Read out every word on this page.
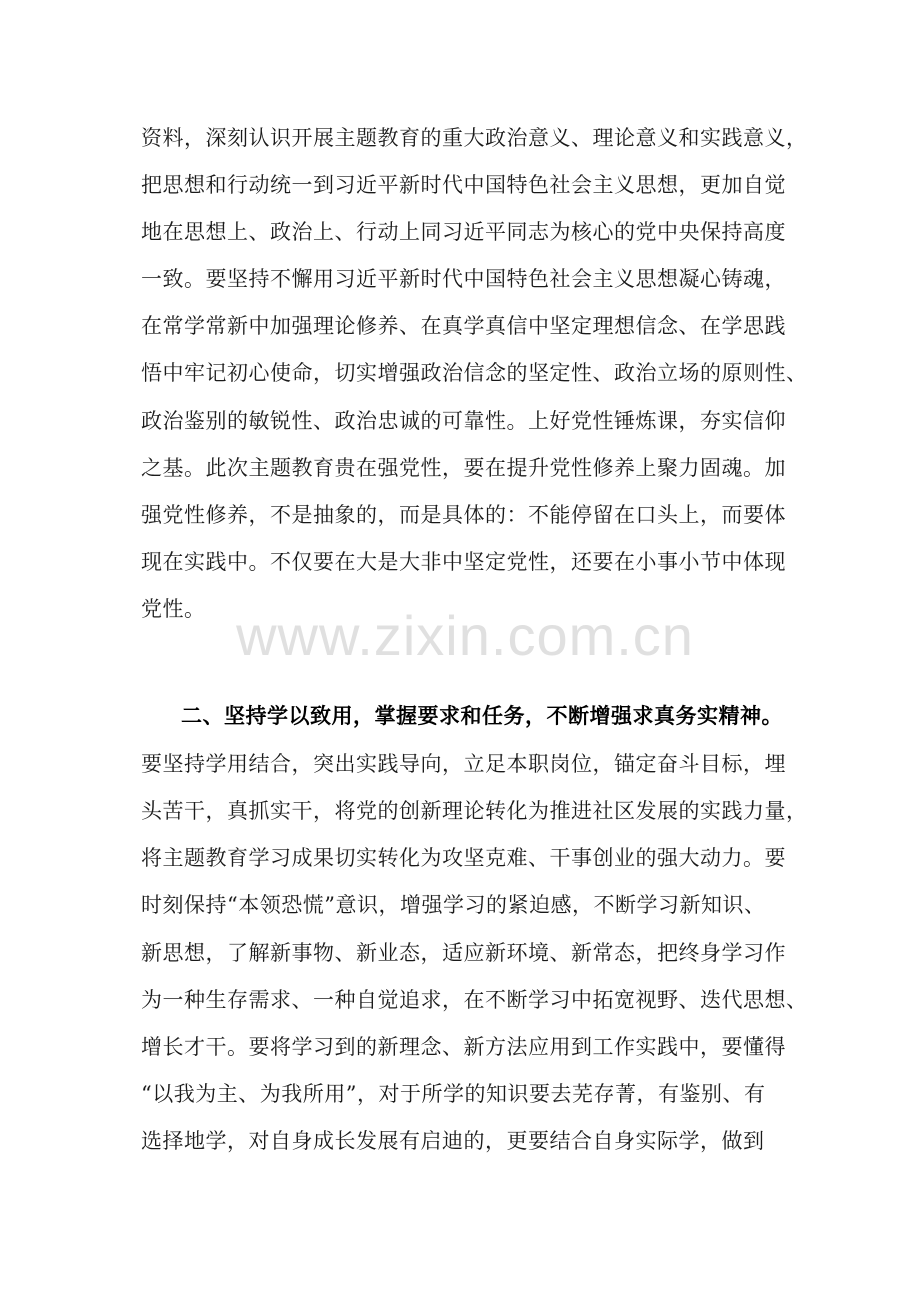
www.zixin.com.cn
资料，深刻认识开展主题教育的重大政治意义、理论意义和实践意义，
把思想和行动统一到习近平新时代中国特色社会主义思想，更加自觉
地在思想上、政治上、行动上同习近平同志为核心的党中央保持高度
一致。要坚持不懈用习近平新时代中国特色社会主义思想凝心铸魂，
在常学常新中加强理论修养、在真学真信中坚定理想信念、在学思践
悟中牢记初心使命，切实增强政治信念的坚定性、政治立场的原则性、
政治鉴别的敏锐性、政治忠诚的可靠性。上好党性锤炼课，夯实信仰
之基。此次主题教育贵在强党性，要在提升党性修养上聚力固魂。加
强党性修养，不是抽象的，而是具体的：不能停留在口头上，而要体
现在实践中。不仅要在大是大非中坚定党性，还要在小事小节中体现
党性。
二、坚持学以致用，掌握要求和任务，不断增强求真务实精神。
要坚持学用结合，突出实践导向，立足本职岗位，锚定奋斗目标，埋
头苦干，真抓实干，将党的创新理论转化为推进社区发展的实践力量，
将主题教育学习成果切实转化为攻坚克难、干事创业的强大动力。要
时刻保持“本领恐慌”意识，增强学习的紧迫感，不断学习新知识、
新思想，了解新事物、新业态，适应新环境、新常态，把终身学习作
为一种生存需求、一种自觉追求，在不断学习中拓宽视野、迭代思想、
增长才干。要将学习到的新理念、新方法应用到工作实践中，要懂得
“以我为主、为我所用”，对于所学的知识要去芜存菁，有鉴别、有
选择地学，对自身成长发展有启迪的，更要结合自身实际学，做到
